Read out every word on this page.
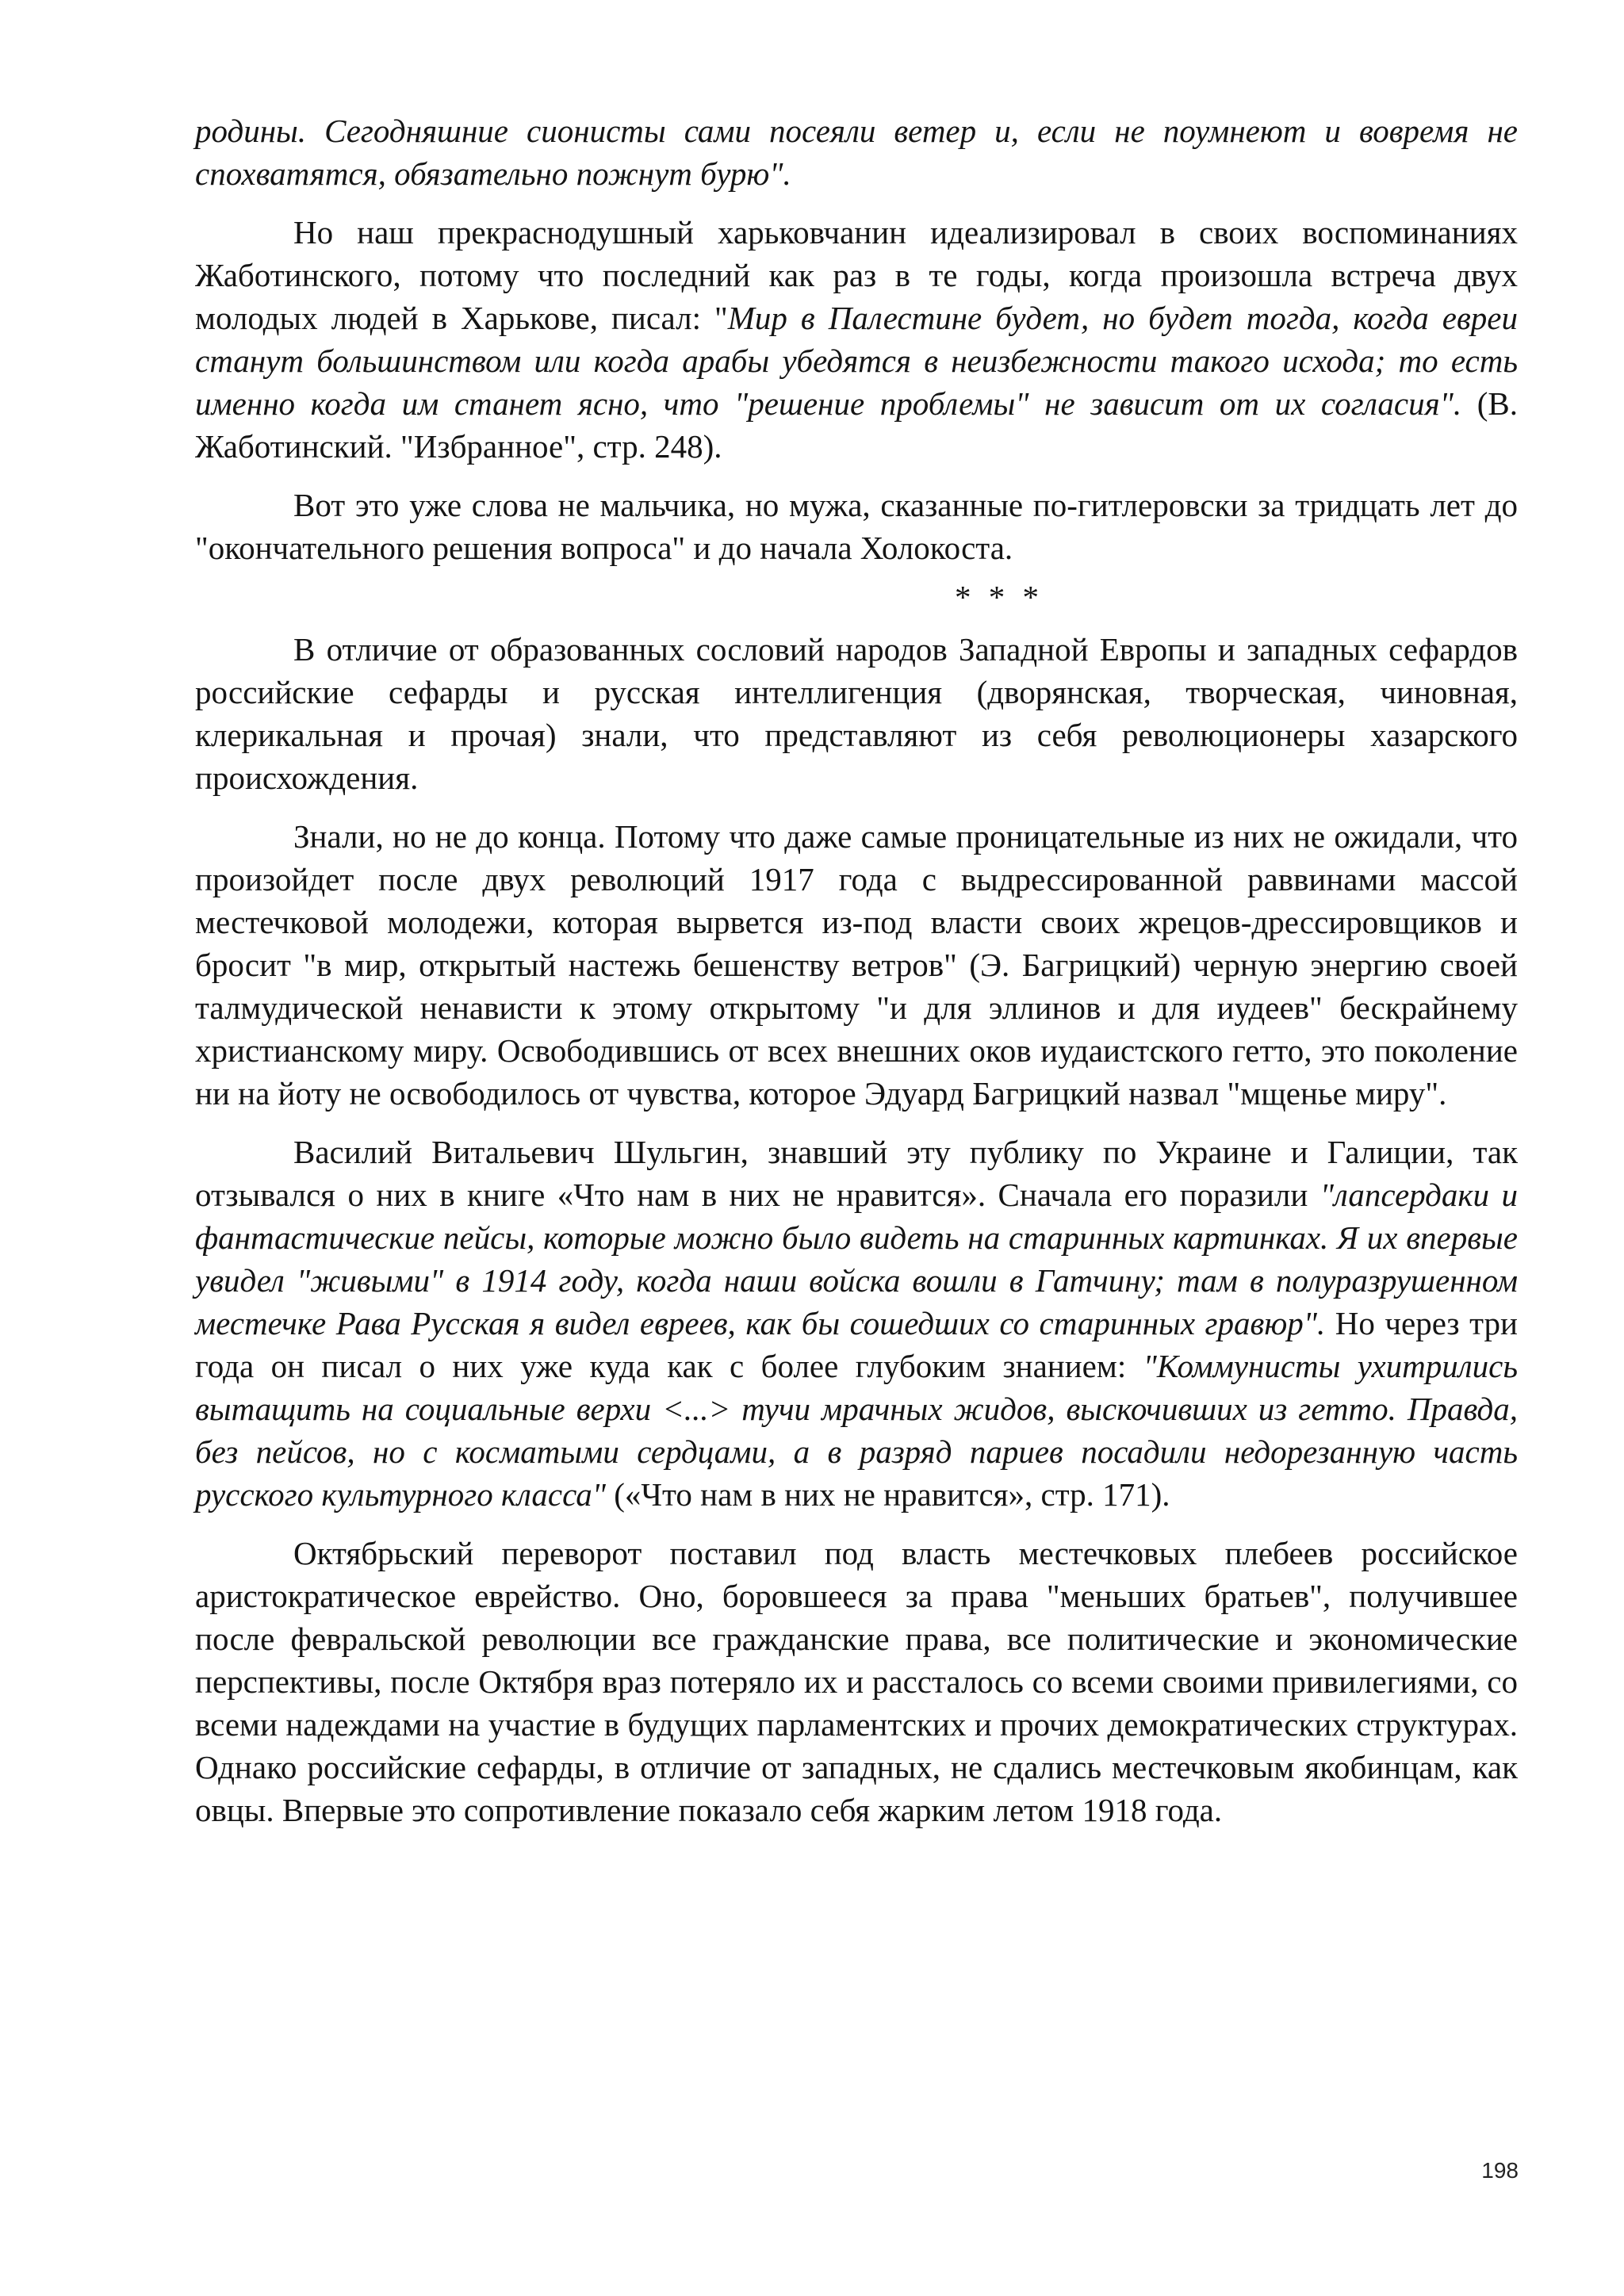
родины. Сегодняшние сионисты сами посеяли ветер и, если не поумнеют и вовремя не спохватятся, обязательно пожнут бурю".

Но наш прекраснодушный харьковчанин идеализировал в своих воспоминаниях Жаботинского, потому что последний как раз в те годы, когда произошла встреча двух молодых людей в Харькове, писал: "Мир в Палестине будет, но будет тогда, когда евреи станут большинством или когда арабы убедятся в неизбежности такого исхода; то есть именно когда им станет ясно, что "решение проблемы" не зависит от их согласия". (В. Жаботинский. "Избранное", стр. 248).

Вот это уже слова не мальчика, но мужа, сказанные по-гитлеровски за тридцать лет до "окончательного решения вопроса" и до начала Холокоста.

* * *

В отличие от образованных сословий народов Западной Европы и западных сефардов российские сефарды и русская интеллигенция (дворянская, творческая, чиновная, клерикальная и прочая) знали, что представляют из себя революционеры хазарского происхождения.

Знали, но не до конца. Потому что даже самые проницательные из них не ожидали, что произойдет после двух революций 1917 года с выдрессированной раввинами массой местечковой молодежи, которая вырвется из-под власти своих жрецов-дрессировщиков и бросит "в мир, открытый настежь бешенству ветров" (Э. Багрицкий) черную энергию своей талмудической ненависти к этому открытому "и для эллинов и для иудеев" бескрайнему христианскому миру. Освободившись от всех внешних оков иудаистского гетто, это поколение ни на йоту не освободилось от чувства, которое Эдуард Багрицкий назвал "мщенье миру".

Василий Витальевич Шульгин, знавший эту публику по Украине и Галиции, так отзывался о них в книге «Что нам в них не нравится». Сначала его поразили "лапсердаки и фантастические пейсы, которые можно было видеть на старинных картинках. Я их впервые увидел "живыми" в 1914 году, когда наши войска вошли в Гатчину; там в полуразрушенном местечке Рава Русская я видел евреев, как бы сошедших со старинных гравюр". Но через три года он писал о них уже куда как с более глубоким знанием: "Коммунисты ухитрились вытащить на социальные верхи <...> тучи мрачных жидов, выскочивших из гетто. Правда, без пейсов, но с косматыми сердцами, а в разряд париев посадили недорезанную часть русского культурного класса" («Что нам в них не нравится», стр. 171).

Октябрьский переворот поставил под власть местечковых плебеев российское аристократическое еврейство. Оно, боровшееся за права "меньших братьев", получившее после февральской революции все гражданские права, все политические и экономические перспективы, после Октября враз потеряло их и рассталось со всеми своими привилегиями, со всеми надеждами на участие в будущих парламентских и прочих демократических структурах. Однако российские сефарды, в отличие от западных, не сдались местечковым якобинцам, как овцы. Впервые это сопротивление показало себя жарким летом 1918 года.

198
